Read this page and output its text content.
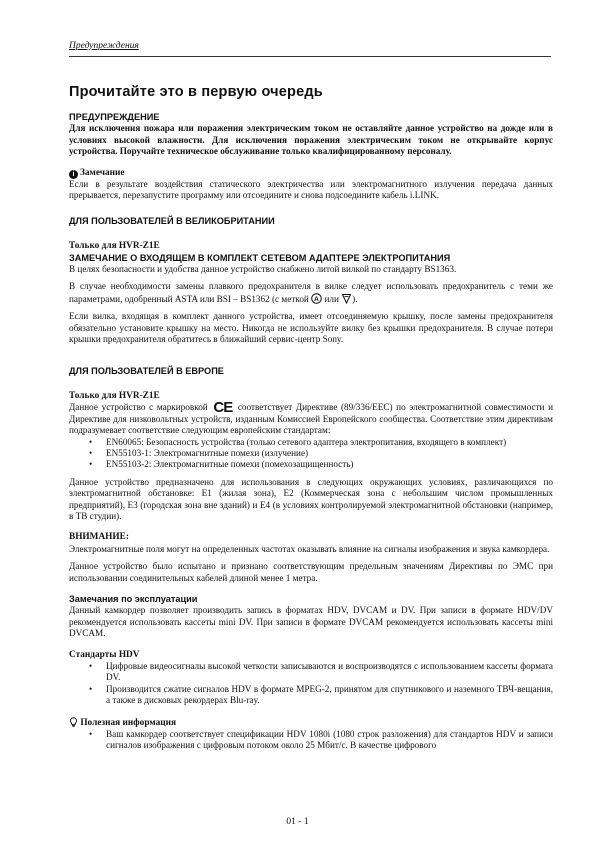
Предупреждения
Прочитайте это в первую очередь

ПРЕДУПРЕЖДЕНИЕ

Для исключения пожара или поражения электрическим током не оставляйте данное устройство на дожде или в условиях высокой влажности. Для исключения поражения электрическим током не открывайте корпус устройства. Поручайте техническое обслуживание только квалифицированному персоналу.

i Замечание

Если в результате воздействия статического электричества или электромагнитного излучения передача данных прерывается, перезапустите программу или отсоедините и снова подсоедините кабель i.LINK.

ДЛЯ ПОЛЬЗОВАТЕЛЕЙ В ВЕЛИКОБРИТАНИИ

Только для HVR-Z1E

ЗАМЕЧАНИЕ О ВХОДЯЩЕМ В КОМПЛЕКТ СЕТЕВОМ АДАПТЕРЕ ЭЛЕКТРОПИТАНИЯ

В целях безопасности и удобства данное устройство снабжено литой вилкой по стандарту BS1363.

В случае необходимости замены плавкого предохранителя в вилке следует использовать предохранитель с теми же параметрами, одобренный ASTA или BSI – BS1362 (с меткой A или ).

Если вилка, входящая в комплект данного устройства, имеет отсоединяемую крышку, после замены предохранителя обязательно установите крышку на место. Никогда не используйте вилку без крышки предохранителя. В случае потери крышки предохранителя обратитесь в ближайший сервис-центр Sony.

ДЛЯ ПОЛЬЗОВАТЕЛЕЙ В ЕВРОПЕ

Только для HVR-Z1E

Данное устройство с маркировкой CE соответствует Директиве (89/336/EEC) по электромагнитной совместимости и Директиве для низковольтных устройств, изданным Комиссией Европейского сообщества. Соответствие этим директивам подразумевает соответствие следующим европейским стандартам:

• EN60065: Безопасность устройства (только сетевого адаптера электропитания, входящего в комплект)
• EN55103-1: Электромагнитные помехи (излучение)
• EN55103-2: Электромагнитные помехи (помехозащищенность)

Данное устройство предназначено для использования в следующих окружающих условиях, различающихся по электромагнитной обстановке: E1 (жилая зона), E2 (Коммерческая зона с небольшим числом промышленных предприятий), E3 (городская зона вне зданий) и E4 (в условиях контролируемой электромагнитной обстановки (например, в ТВ студии).

ВНИМАНИЕ:

Электромагнитные поля могут на определенных частотах оказывать влияние на сигналы изображения и звука камкордера.

Данное устройство было испытано и признано соответствующим предельным значениям Директивы по ЭМС при использовании соединительных кабелей длиной менее 1 метра.

Замечания по эксплуатации

Данный камкордер позволяет производить запись в форматах HDV, DVCAM и DV. При записи в формате HDV/DV рекомендуется использовать кассеты mini DV. При записи в формате DVCAM рекомендуется использовать кассеты mini DVCAM.

Стандарты HDV

• Цифровые видеосигналы высокой четкости записываются и воспроизводятся с использованием кассеты формата DV.
• Производится сжатие сигналов HDV в формате MPEG-2, принятом для спутникового и наземного ТВЧ-вещания, а также в дисковых рекордерах Blu-ray.

Полезная информация

• Ваш камкордер соответствует спецификации HDV 1080i (1080 строк разложения) для стандартов HDV и записи сигналов изображения с цифровым потоком около 25 Мбит/с. В качестве цифрового
01 - 1
